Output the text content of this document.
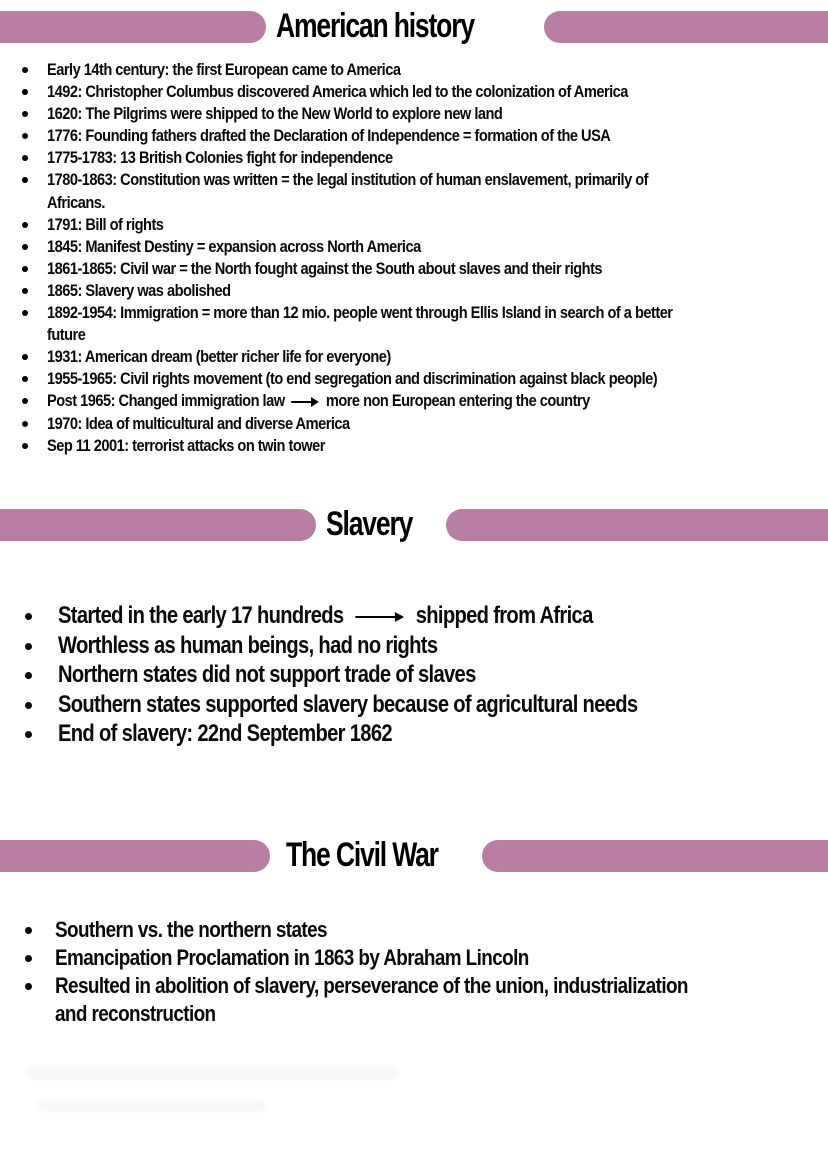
American history
Early 14th century: the first European came to America
1492: Christopher Columbus discovered America which led to the colonization of America
1620: The Pilgrims were shipped to the New World to explore new land
1776: Founding fathers drafted the Declaration of Independence = formation of the USA
1775-1783: 13 British Colonies fight for independence
1780-1863: Constitution was written = the legal institution of human enslavement, primarily of
Africans.
1791: Bill of rights
1845: Manifest Destiny = expansion across North America
1861-1865: Civil war = the North fought against the South about slaves and their rights
1865: Slavery was abolished
1892-1954: Immigration = more than 12 mio. people went through Ellis Island in search of a better
future
1931: American dream (better richer life for everyone)
1955-1965: Civil rights movement (to end segregation and discrimination against black people)
Post 1965: Changed immigration law more non European entering the country
1970: Idea of multicultural and diverse America
Sep 11 2001: terrorist attacks on twin tower
Slavery
Started in the early 17 hundreds	shipped from Africa
Worthless as human beings, had no rights
Northern states did not support trade of slaves
Southern states supported slavery because of agricultural needs
End of slavery: 22nd September 1862
The Civil War
Southern vs. the northern states
Emancipation Proclamation in 1863 by Abraham Lincoln
Resulted in abolition of slavery, perseverance of the union, industrialization
and reconstruction
